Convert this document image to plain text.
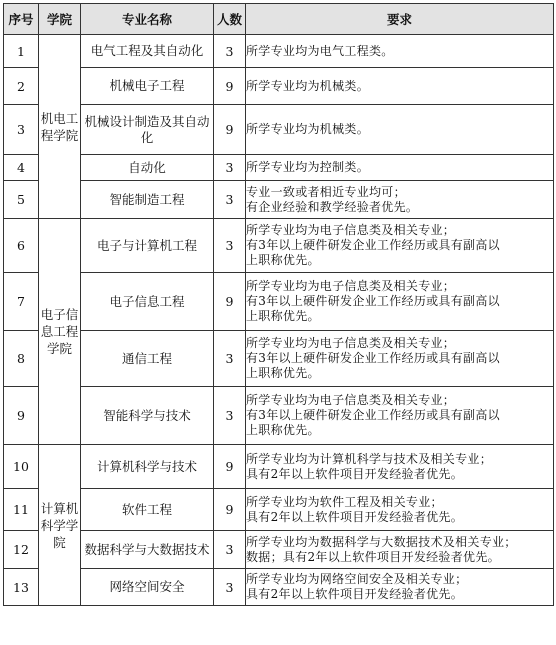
序号	学院	专业名称	人数	要求
1	机电工程学院	电气工程及其自动化	3	所学专业均为电气工程类。

2		机械电子工程	9	所学专业均为机械类。

3		机械设计制造及其自动化	9	所学专业均为机械类。

4		自动化	3	所学专业均为控制类。

5		智能制造工程	3	专业一致或者相近专业均可；
有企业经验和教学经验者优先。

6	电子信息工程学院	电子与计算机工程	3	所学专业均为电子信息类及相关专业；
有3年以上硬件研发企业工作经历或具有副高以
上职称优先。

7		电子信息工程	9	所学专业均为电子信息类及相关专业；
有3年以上硬件研发企业工作经历或具有副高以
上职称优先。

8		通信工程	3	所学专业均为电子信息类及相关专业；
有3年以上硬件研发企业工作经历或具有副高以
上职称优先。

9		智能科学与技术	3	所学专业均为电子信息类及相关专业；
有3年以上硬件研发企业工作经历或具有副高以
上职称优先。

10	计算机科学学院	计算机科学与技术	9	所学专业均为计算机科学与技术及相关专业；
具有2年以上软件项目开发经验者优先。

11		软件工程	9	所学专业均为软件工程及相关专业；
具有2年以上软件项目开发经验者优先。

12		数据科学与大数据技术	3	所学专业均为数据科学与大数据技术及相关专业；
数据；具有2年以上软件项目开发经验者优先。

13		网络空间安全	3	所学专业均为网络空间安全及相关专业；
具有2年以上软件项目开发经验者优先。
